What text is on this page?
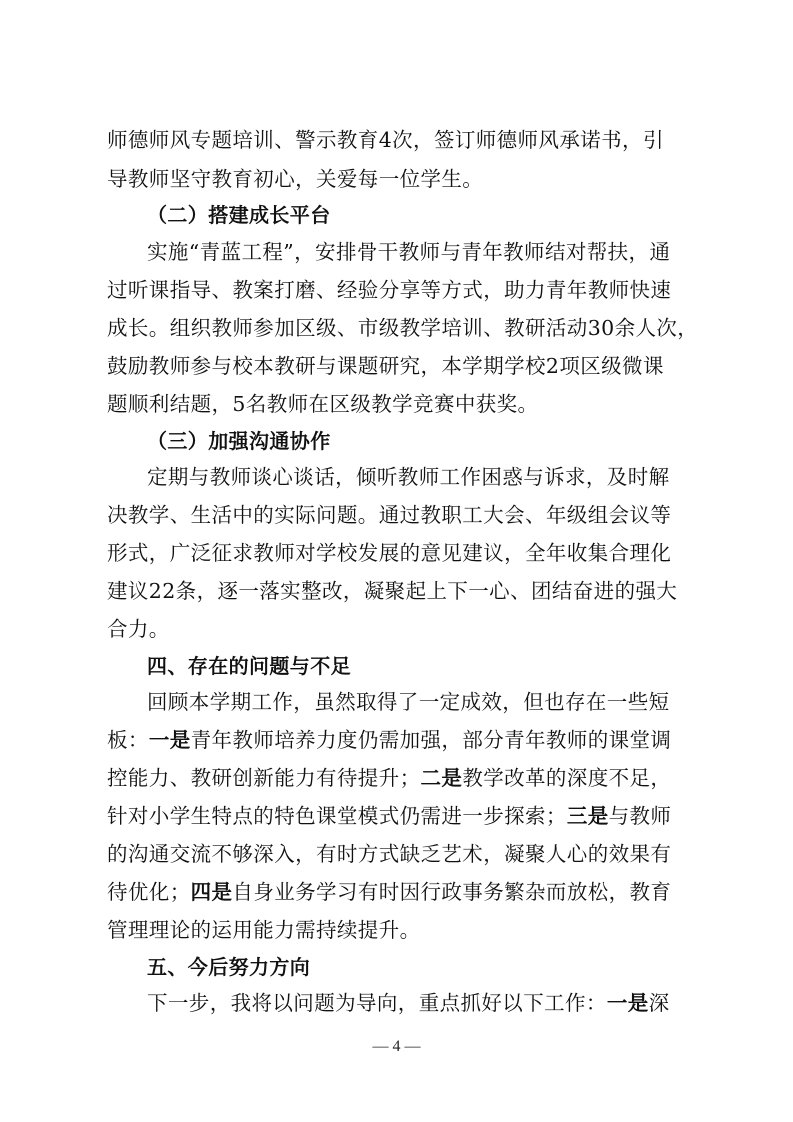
师德师风专题培训、警示教育4次，签订师德师风承诺书，引
导教师坚守教育初心，关爱每一位学生。
（二）搭建成长平台
实施“青蓝工程”，安排骨干教师与青年教师结对帮扶，通
过听课指导、教案打磨、经验分享等方式，助力青年教师快速
成长。组织教师参加区级、市级教学培训、教研活动30余人次，
鼓励教师参与校本教研与课题研究，本学期学校2项区级微课
题顺利结题，5名教师在区级教学竞赛中获奖。
（三）加强沟通协作
定期与教师谈心谈话，倾听教师工作困惑与诉求，及时解
决教学、生活中的实际问题。通过教职工大会、年级组会议等
形式，广泛征求教师对学校发展的意见建议，全年收集合理化
建议22条，逐一落实整改，凝聚起上下一心、团结奋进的强大
合力。
四、存在的问题与不足
回顾本学期工作，虽然取得了一定成效，但也存在一些短
板：一是青年教师培养力度仍需加强，部分青年教师的课堂调
控能力、教研创新能力有待提升；二是教学改革的深度不足，
针对小学生特点的特色课堂模式仍需进一步探索；三是与教师
的沟通交流不够深入，有时方式缺乏艺术，凝聚人心的效果有
待优化；四是自身业务学习有时因行政事务繁杂而放松，教育
管理理论的运用能力需持续提升。
五、今后努力方向
下一步，我将以问题为导向，重点抓好以下工作：一是深
— 4 —
